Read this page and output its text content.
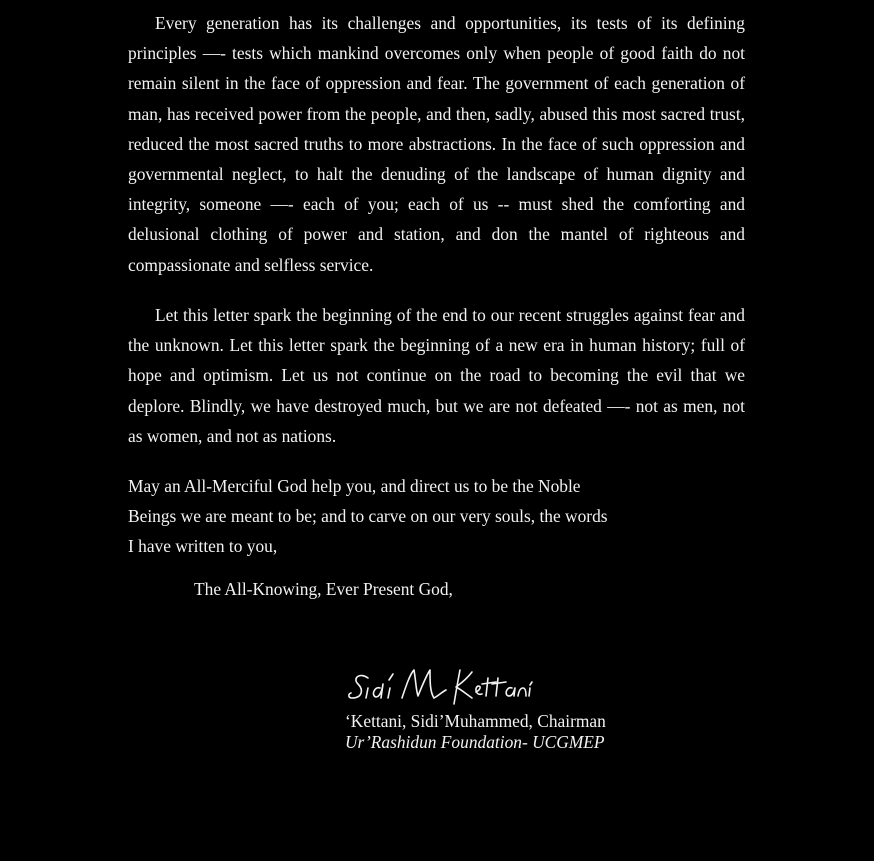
Every generation has its challenges and opportunities, its tests of its defining principles —- tests which mankind overcomes only when people of good faith do not remain silent in the face of oppression and fear. The government of each generation of man, has received power from the people, and then, sadly, abused this most sacred trust, reduced the most sacred truths to more abstractions. In the face of such oppression and governmental neglect, to halt the denuding of the landscape of human dignity and integrity, someone —- each of you; each of us -- must shed the comforting and delusional clothing of power and station, and don the mantel of righteous and compassionate and selfless service.

Let this letter spark the beginning of the end to our recent struggles against fear and the unknown. Let this letter spark the beginning of a new era in human history; full of hope and optimism. Let us not continue on the road to becoming the evil that we deplore. Blindly, we have destroyed much, but we are not defeated —- not as men, not as women, and not as nations.

May an All-Merciful God help you, and direct us to be the Noble

Beings we are meant to be; and to carve on our very souls, the words

I have written to you,

The All-Knowing, Ever Present God,

‘Kettani, Sidi’Muhammed, Chairman

Ur’Rashidun Foundation- UCGMEP
